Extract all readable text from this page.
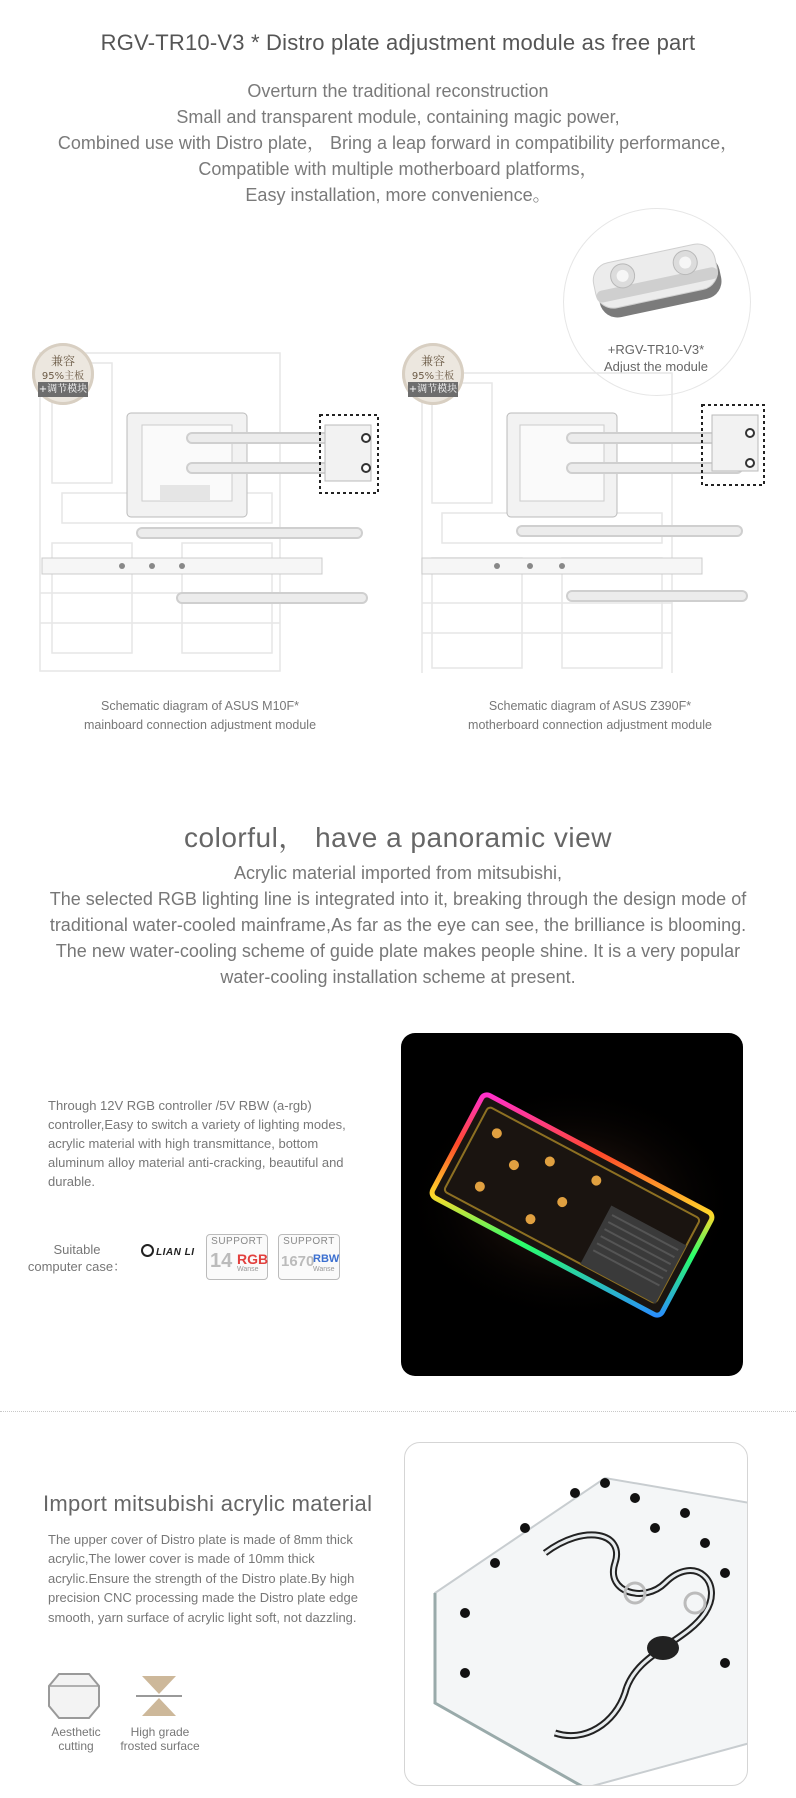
RGV-TR10-V3 * Distro plate adjustment module as free part
Overturn the traditional reconstruction
Small and transparent module, containing magic power,
Combined use with Distro plate， Bring a leap forward in compatibility performance，
Compatible with multiple motherboard platforms，
Easy installation, more convenience。
+RGV-TR10-V3*
Adjust the module
兼容
95%主板
+调节模块
Schematic diagram of ASUS M10F*
mainboard connection adjustment module
兼容
95%主板
+调节模块
Schematic diagram of ASUS Z390F*
motherboard connection adjustment module
colorful， have a panoramic view
Acrylic material imported from mitsubishi,
The selected RGB lighting line is integrated into it, breaking through the design mode of
traditional water-cooled mainframe,As far as the eye can see, the brilliance is blooming.
The new water-cooling scheme of guide plate makes people shine. It is a very popular
water-cooling installation scheme at present.
Through 12V RGB controller /5V RBW (a-rgb)
controller,Easy to switch a variety of lighting modes,
acrylic material with high transmittance, bottom
aluminum alloy material anti-cracking, beautiful and
durable.
Suitable
computer case：
LIAN LI
SUPPORT
14 RGB
Wanse
SUPPORT
1670
RBW
Wanse
Import mitsubishi acrylic material
The upper cover of Distro plate is made of 8mm thick
acrylic,The lower cover is made of 10mm thick
acrylic.Ensure the strength of the Distro plate.By high
precision CNC processing made the Distro plate edge
smooth, yarn surface of acrylic light soft, not dazzling.
Aesthetic
cutting
High grade
frosted surface
